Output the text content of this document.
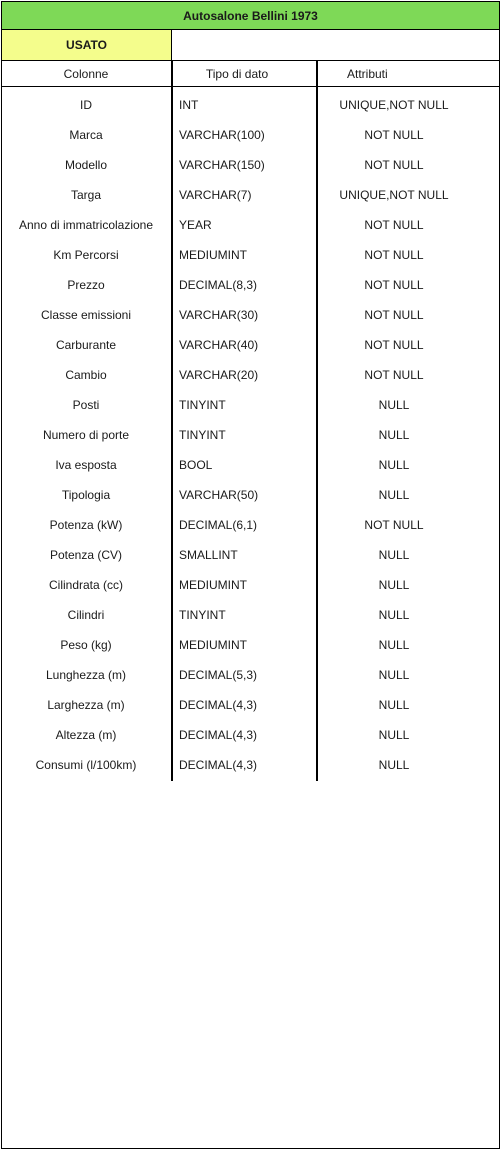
Autosalone Bellini 1973
USATO
Colonne	Tipo di dato	Attributi
ID	INT	UNIQUE,NOT NULL
Marca	VARCHAR(100)	NOT NULL
Modello	VARCHAR(150)	NOT NULL
Targa	VARCHAR(7)	UNIQUE,NOT NULL
Anno di immatricolazione	YEAR	NOT NULL
Km Percorsi	MEDIUMINT	NOT NULL
Prezzo	DECIMAL(8,3)	NOT NULL
Classe emissioni	VARCHAR(30)	NOT NULL
Carburante	VARCHAR(40)	NOT NULL
Cambio	VARCHAR(20)	NOT NULL
Posti	TINYINT	NULL
Numero di porte	TINYINT	NULL
Iva esposta	BOOL	NULL
Tipologia	VARCHAR(50)	NULL
Potenza (kW)	DECIMAL(6,1)	NOT NULL
Potenza (CV)	SMALLINT	NULL
Cilindrata (cc)	MEDIUMINT	NULL
Cilindri	TINYINT	NULL
Peso (kg)	MEDIUMINT	NULL
Lunghezza (m)	DECIMAL(5,3)	NULL
Larghezza (m)	DECIMAL(4,3)	NULL
Altezza (m)	DECIMAL(4,3)	NULL
Consumi (l/100km)	DECIMAL(4,3)	NULL
